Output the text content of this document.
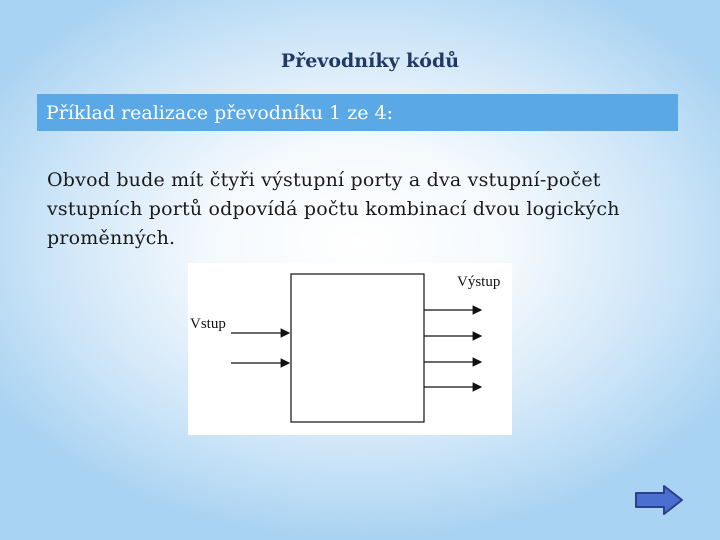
Převodníky kódů
Příklad realizace převodníku 1 ze 4:
Obvod bude mít čtyři výstupní porty a dva vstupní-počet vstupních portů odpovídá počtu kombinací dvou logických proměnných.
Vstup
Výstup
